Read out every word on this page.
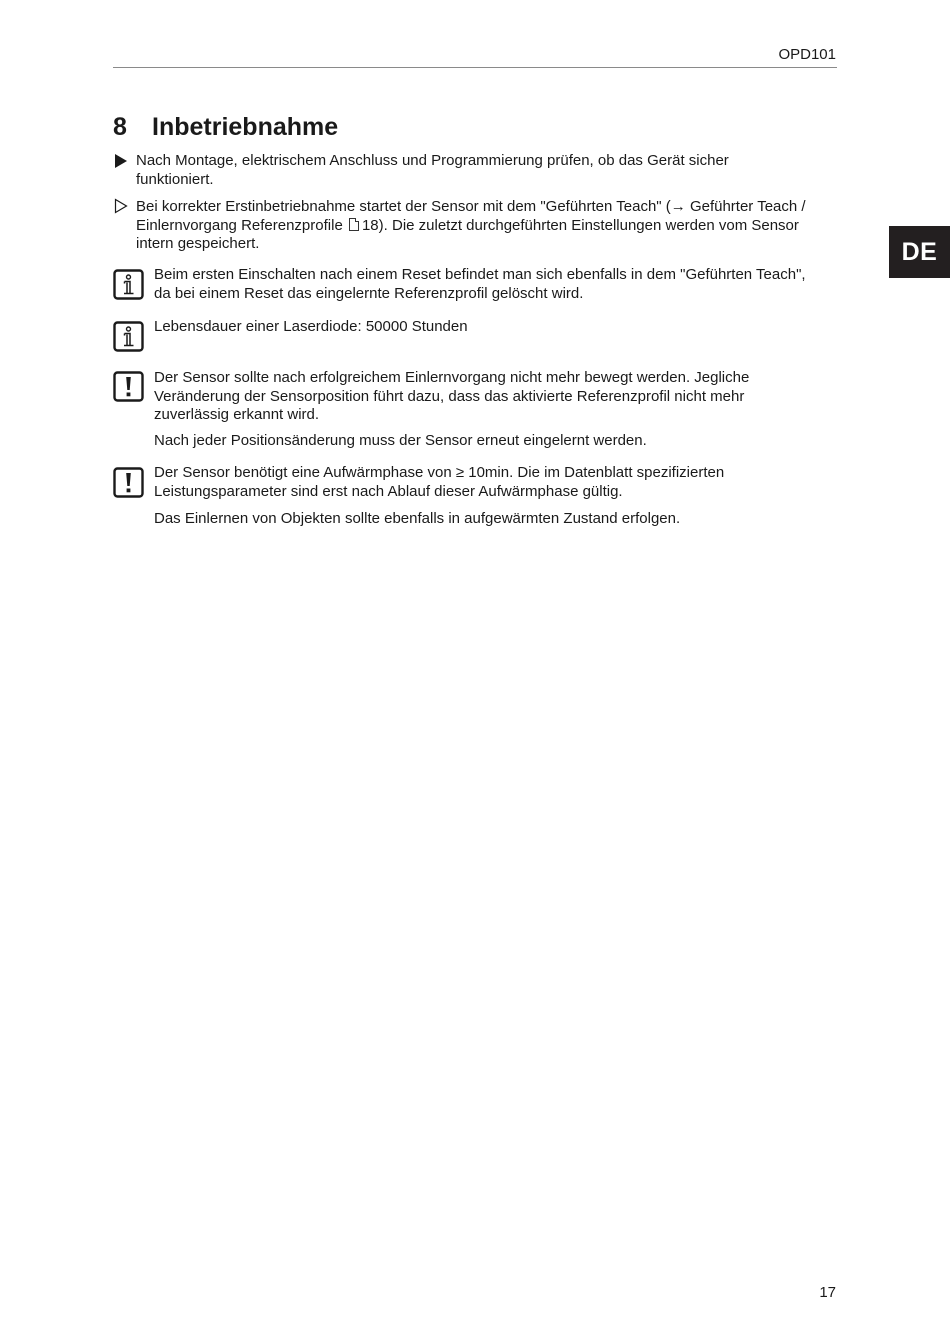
OPD101
DE
8 Inbetriebnahme
Nach Montage, elektrischem Anschluss und Programmierung prüfen, ob das Gerät sicher funktioniert.
Bei korrekter Erstinbetriebnahme startet der Sensor mit dem "Geführten Teach" (→ Geführter Teach / Einlernvorgang Referenzprofile 18). Die zuletzt durchgeführten Einstellungen werden vom Sensor intern gespeichert.
Beim ersten Einschalten nach einem Reset befindet man sich ebenfalls in dem "Geführten Teach", da bei einem Reset das eingelernte Referenzprofil gelöscht wird.
Lebensdauer einer Laserdiode: 50000 Stunden
Der Sensor sollte nach erfolgreichem Einlernvorgang nicht mehr bewegt werden. Jegliche Veränderung der Sensorposition führt dazu, dass das aktivierte Referenzprofil nicht mehr zuverlässig erkannt wird.
Nach jeder Positionsänderung muss der Sensor erneut eingelernt werden.
Der Sensor benötigt eine Aufwärmphase von ≥ 10min. Die im Datenblatt spezifizierten Leistungsparameter sind erst nach Ablauf dieser Aufwärmphase gültig.
Das Einlernen von Objekten sollte ebenfalls in aufgewärmten Zustand erfolgen.
17
